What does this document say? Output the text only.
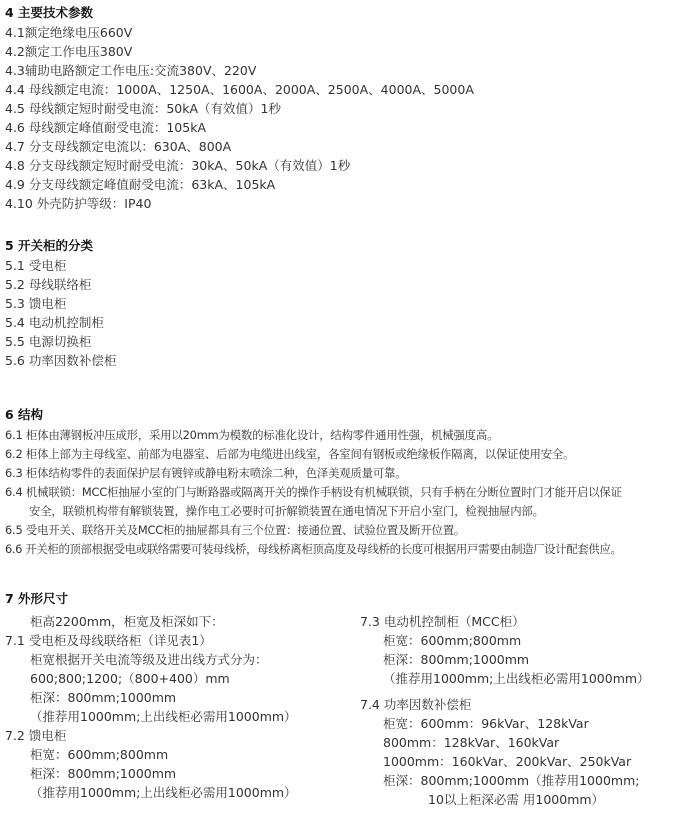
4 主要技术参数
4.1额定绝缘电压660V
4.2额定工作电压380V
4.3辅助电路额定工作电压:交流380V、220V
4.4 母线额定电流：1000A、1250A、1600A、2000A、2500A、4000A、5000A
4.5 母线额定短时耐受电流：50kA（有效值）1秒
4.6 母线额定峰值耐受电流：105kA
4.7 分支母线额定电流以：630A、800A
4.8 分支母线额定短时耐受电流：30kA、50kA（有效值）1秒
4.9 分支母线额定峰值耐受电流：63kA、105kA
4.10 外壳防护等级：IP40
5 开关柜的分类
5.1 受电柜
5.2 母线联络柜
5.3 馈电柜
5.4 电动机控制柜
5.5 电源切换柜
5.6 功率因数补偿柜
6 结构
6.1 柜体由薄钢板冲压成形，采用以20mm为模数的标准化设计，结构零件通用性强，机械强度高。
6.2 柜体上部为主母线室、前部为电器室、后部为电缆进出线室，各室间有钢板或绝缘板作隔离，以保证使用安全。
6.3 柜体结构零件的表面保护层有镀锌或静电粉末喷涂二种，色泽美观质量可靠。
6.4 机械联锁：MCC柜抽屉小室的门与断路器或隔离开关的操作手柄设有机械联锁，只有手柄在分断位置时门才能开启以保证
安全，联锁机构带有解锁装置，操作电工必要时可折解锁装置在通电情况下开启小室门，检视抽屉内部。
6.5 受电开关、联络开关及MCC柜的抽屉都具有三个位置：接通位置、试验位置及断开位置。
6.6 开关柜的顶部根据受电或联络需要可装母线桥，母线桥离柜顶高度及母线桥的长度可根据用戸需要由制造厂设计配套供应。
7 外形尺寸
柜高2200mm，柜宽及柜深如下：
7.1 受电柜及母线联络柜（详见表1）
柜宽根据开关电流等级及进出线方式分为：
600;800;1200;（800+400）mm
柜深：800mm;1000mm
（推荐用1000mm;上出线柜必需用1000mm）
7.2 馈电柜
柜宽：600mm;800mm
柜深：800mm;1000mm
（推荐用1000mm;上出线柜必需用1000mm）
7.3 电动机控制柜（MCC柜）
柜宽：600mm;800mm
柜深：800mm;1000mm
（推荐用1000mm;上出线柜必需用1000mm）
7.4 功率因数补偿柜
柜宽：600mm：96kVar、128kVar
800mm：128kVar、160kVar
1000mm：160kVar、200kVar、250kVar
柜深：800mm;1000mm（推荐用1000mm;
10以上柜深必需 用1000mm）
